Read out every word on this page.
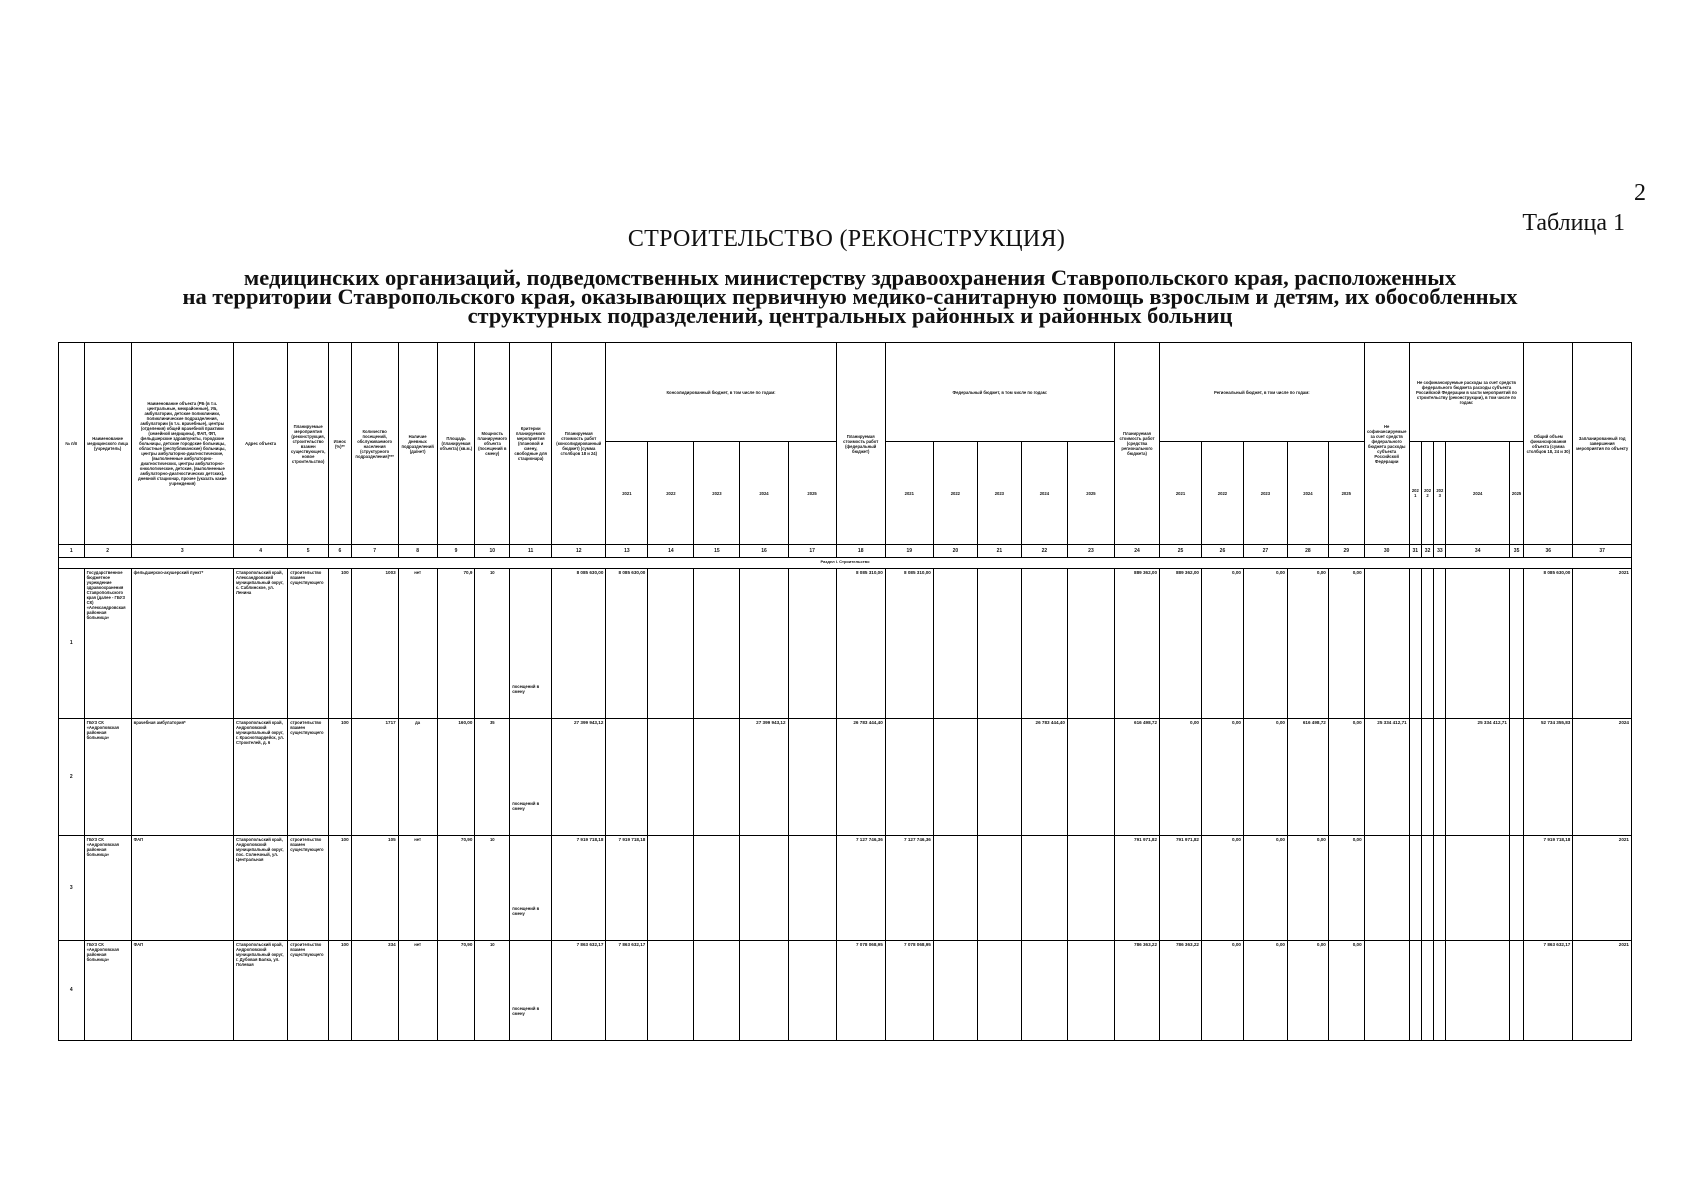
2
Таблица 1
СТРОИТЕЛЬСТВО (РЕКОНСТРУКЦИЯ)
медицинских организаций, подведомственных министерству здравоохранения Ставропольского края, расположенных
на территории Ставропольского края, оказывающих первичную медико-санитарную помощь взрослым и детям, их обособленных
структурных подразделений, центральных районных и районных больниц
№ п/п	Наименование медицинского лица (учредитель)	Наименование объекта (РБ (в т.ч. центральные, межрайонные), УБ, амбулатории, детские поликлиники, поликлинические подразделения, амбулатории (в т.ч. врачебные), центры (отделения) общей врачебной практики (семейной медицины), ФАП, ФП, фельдшерские здравпункты, городские больницы, детские городские больницы, областные (республиканские) больницы, центры амбулаторно-диагностические, (выполненные амбулаторно-диагностических, центры амбулаторно-онкологические, детские, (выполненные амбулаторно-диагностических детских), дневной стационар, прочее (указать какие учреждения)	Адрес объекта	Планируемые мероприятия (реконструкция, строительство взамен существующего, новое строительство)	Износ (%)**	Количество посещений, обслуживаемого населения (структурного подразделения)***	Наличие дневных подразделений (да/нет)	Площадь (планируемая объекта) (кв.м.)	Мощность планируемого объекта (посещений в смену)	Критерии планируемого мероприятия (плановой и смену, свободные для стационара)	Планируемая стоимость работ (консолидированный бюджет) (сумма столбцов 18 и 24)	Консолидированный бюджет, в том числе по годам:					Планируемая стоимость работ (федеральный бюджет)	Федеральный бюджет, в том числе по годам:					Планируемая стоимость работ (средства регионального бюджета)	Региональный бюджет, в том числе по годам:					Не софинансируемые за счет средств федерального бюджета расходы субъекта Российской Федерации	Не софинансируемые расходы за счет средств федерального бюджета расходы субъекта Российской Федерации в части мероприятий по строительству (реконструкции), в том числе по годам:					Общий объем финансирования объекта (сумма столбцов 18, 24 и 30)	Запланированный год завершения мероприятия по объекту
												2021	2022	2023	2024	2025		2021	2022	2023	2024	2025		2021	2022	2023	2024	2025		2021	2022	2023	2024	2025		
1	2	3	4	5	6	7	8	9	10	11	12	13	14	15	16	17	18	19	20	21	22	23	24	25	26	27	28	29	30	31	32	33	34	35	36	37
Раздел I. Строительство																																				
1	Государственное бюджетное учреждение здравоохранения Ставропольского края (далее - ГБУЗ СК) «Александровская районная больница»	фельдшерско-акушерский пункт*	Ставропольский край, Александровский муниципальный округ, с. Саблинское, ул. Ленина	строительство взамен существующего	100	1003	нет	70,9	10	посещений в смену	8 085 630,00	8 085 630,00					8 085 310,00	8 085 310,00					889 362,00	889 362,00	0,00	0,00	0,00	0,00							8 085 630,00	2021
2	ГБУЗ СК «Андроповская районная больница»	врачебная амбулатория*	Ставропольский край, Андроповский муниципальный округ, г. Красногвардейск, ул. Строителей, д. 6	строительство взамен существующего	100	1717	да	160,00	35	посещений в смену	27 399 943,12				27 399 943,12		26 783 444,40				26 783 444,40		616 498,72	0,00	0,00	0,00	616 498,72	0,00	25 334 412,71				25 334 412,71		52 734 355,83	2024
3	ГБУЗ СК «Андроповская районная больница»	ФАП	Ставропольский край, Андроповский муниципальный округ, пос. Солнечный, ул. Центральная	строительство взамен существующего	100	105	нет	70,90	10	посещений в смену	7 919 718,18	7 919 718,18					7 127 746,36	7 127 746,36					791 971,82	791 971,82	0,00	0,00	0,00	0,00							7 919 718,18	2021
4	ГБУЗ СК «Андроповская районная больница»	ФАП	Ставропольский край, Андроповский муниципальный округ, г. Дубовая Балка, ул. Полевая	строительство взамен существующего	100	334	нет	70,90	10	посещений в смену	7 863 632,17	7 863 632,17					7 078 068,95	7 078 068,95					786 363,22	786 363,22	0,00	0,00	0,00	0,00							7 863 632,17	2021
